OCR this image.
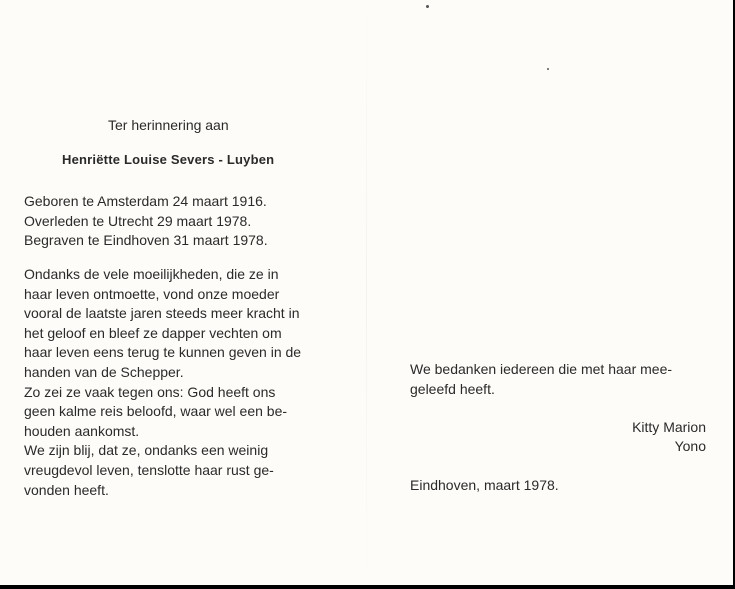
Ter herinnering aan

Henriëtte Louise Severs - Luyben

Geboren te Amsterdam 24 maart 1916.
Overleden te Utrecht 29 maart 1978.
Begraven te Eindhoven 31 maart 1978.
Ondanks de vele moeilijkheden, die ze in
haar leven ontmoette, vond onze moeder
vooral de laatste jaren steeds meer kracht in
het geloof en bleef ze dapper vechten om
haar leven eens terug te kunnen geven in de
handen van de Schepper.
Zo zei ze vaak tegen ons: God heeft ons
geen kalme reis beloofd, waar wel een be-
houden aankomst.
We zijn blij, dat ze, ondanks een weinig
vreugdevol leven, tenslotte haar rust ge-
vonden heeft.
We bedanken iedereen die met haar mee-
geleefd heeft.
Kitty Marion
Yono

Eindhoven, maart 1978.
